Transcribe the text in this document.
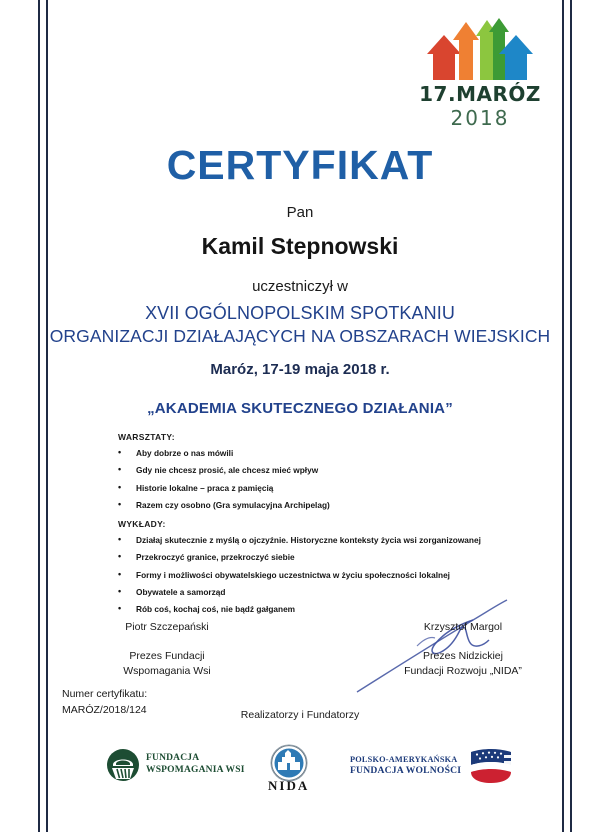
17.MARÓZ
2018
CERTYFIKAT
Pan
Kamil Stepnowski
uczestniczył w
XVII OGÓLNOPOLSKIM SPOTKANIU
ORGANIZACJI DZIAŁAJĄCYCH NA OBSZARACH WIEJSKICH
Maróz, 17-19 maja 2018 r.
„AKADEMIA SKUTECZNEGO DZIAŁANIA”
WARSZTATY:
• Aby dobrze o nas mówili
• Gdy nie chcesz prosić, ale chcesz mieć wpływ
• Historie lokalne – praca z pamięcią
• Razem czy osobno (Gra symulacyjna Archipelag)
WYKŁADY:
• Działaj skutecznie z myślą o ojczyźnie. Historyczne konteksty życia wsi zorganizowanej
• Przekroczyć granice, przekroczyć siebie
• Formy i możliwości obywatelskiego uczestnictwa w życiu społeczności lokalnej
• Obywatele a samorząd
• Rób coś, kochaj coś, nie bądź gałganem
Piotr Szczepański
Prezes Fundacji
Wspomagania Wsi
Krzysztof Margol
Prezes Nidzickiej
Fundacji Rozwoju „NIDA”
Numer certyfikatu:
MARÓZ/2018/124	Realizatorzy i Fundatorzy
FUNDACJA
WSPOMAGANIA WSI
NIDA
POLSKO-AMERYKAŃSKA
FUNDACJA WOLNOŚCI
